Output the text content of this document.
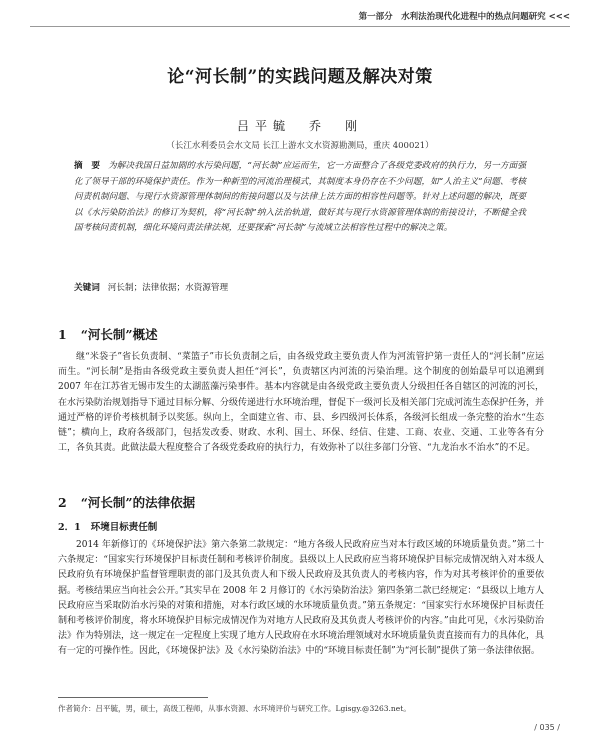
第一部分　水利法治现代化进程中的热点问题研究 <<<
论“河长制”的实践问题及解决对策
吕平毓　乔　刚
（长江水利委员会水文局 长江上游水文水资源勘测局，重庆 400021）
摘　要 为解决我国日益加剧的水污染问题，“河长制”应运而生，它一方面整合了各级党委政府的执行力，另一方面强化了领导干部的环境保护责任。作为一种新型的河流治理模式，其制度本身仍存在不少问题，如“人治主义”问题、考核问责机制问题、与现行水资源管理体制间的衔接问题以及与法律上法方面的相容性问题等。针对上述问题的解决，既要以《水污染防治法》的修订为契机，将“河长制”纳入法治轨道，做好其与现行水资源管理体制的衔接设计，不断健全我国考核问责机制，细化环境问责法律法规，还要探索“河长制”与流域立法相容性过程中的解决之策。
关键词 河长制；法律依据；水资源管理
1 “河长制”概述
继“米袋子”省长负责制、“菜篮子”市长负责制之后，由各级党政主要负责人作为河流管护第一责任人的“河长制”应运而生。“河长制”是指由各级党政主要负责人担任“河长”，负责辖区内河流的污染治理。这个制度的创始最早可以追溯到 2007 年在江苏省无锡市发生的太湖蓝藻污染事件。基本内容就是由各级党政主要负责人分级担任各自辖区的河流的河长，在水污染防治规划指导下通过目标分解、分级传递进行水环境治理，督促下一级河长及相关部门完成河流生态保护任务，并通过严格的评价考核机制予以奖惩。纵向上，全面建立省、市、县、乡四级河长体系，各级河长组成一条完整的治水“生态链”；横向上，政府各级部门，包括发改委、财政、水利、国土、环保、经信、住建、工商、农业、交通、工业等各有分工，各负其责。此做法最大程度整合了各级党委政府的执行力，有效弥补了以往多部门分管、“九龙治水不治水”的不足。
2 “河长制”的法律依据
2．1 环境目标责任制
2014 年新修订的《环境保护法》第六条第二款规定：“地方各级人民政府应当对本行政区域的环境质量负责。”第二十六条规定：“国家实行环境保护目标责任制和考核评价制度。县级以上人民政府应当将环境保护目标完成情况纳入对本级人民政府负有环境保护监督管理职责的部门及其负责人和下级人民政府及其负责人的考核内容，作为对其考核评价的重要依据。考核结果应当向社会公开。”其实早在 2008 年 2 月修订的《水污染防治法》第四条第二款已经规定：“县级以上地方人民政府应当采取防治水污染的对策和措施，对本行政区域的水环境质量负责。”第五条规定：“国家实行水环境保护目标责任制和考核评价制度，将水环境保护目标完成情况作为对地方人民政府及其负责人考核评价的内容。”由此可见，《水污染防治法》作为特别法，这一规定在一定程度上实现了地方人民政府在水环境治理领域对水环境质量负责直接而有力的具体化，具有一定的可操作性。因此，《环境保护法》及《水污染防治法》中的“环境目标责任制”为“河长制”提供了第一条法律依据。
作者简介：吕平毓，男，硕士，高级工程师，从事水资源、水环境评价与研究工作。Lgisgy.@3263.net。
/ 035 /
